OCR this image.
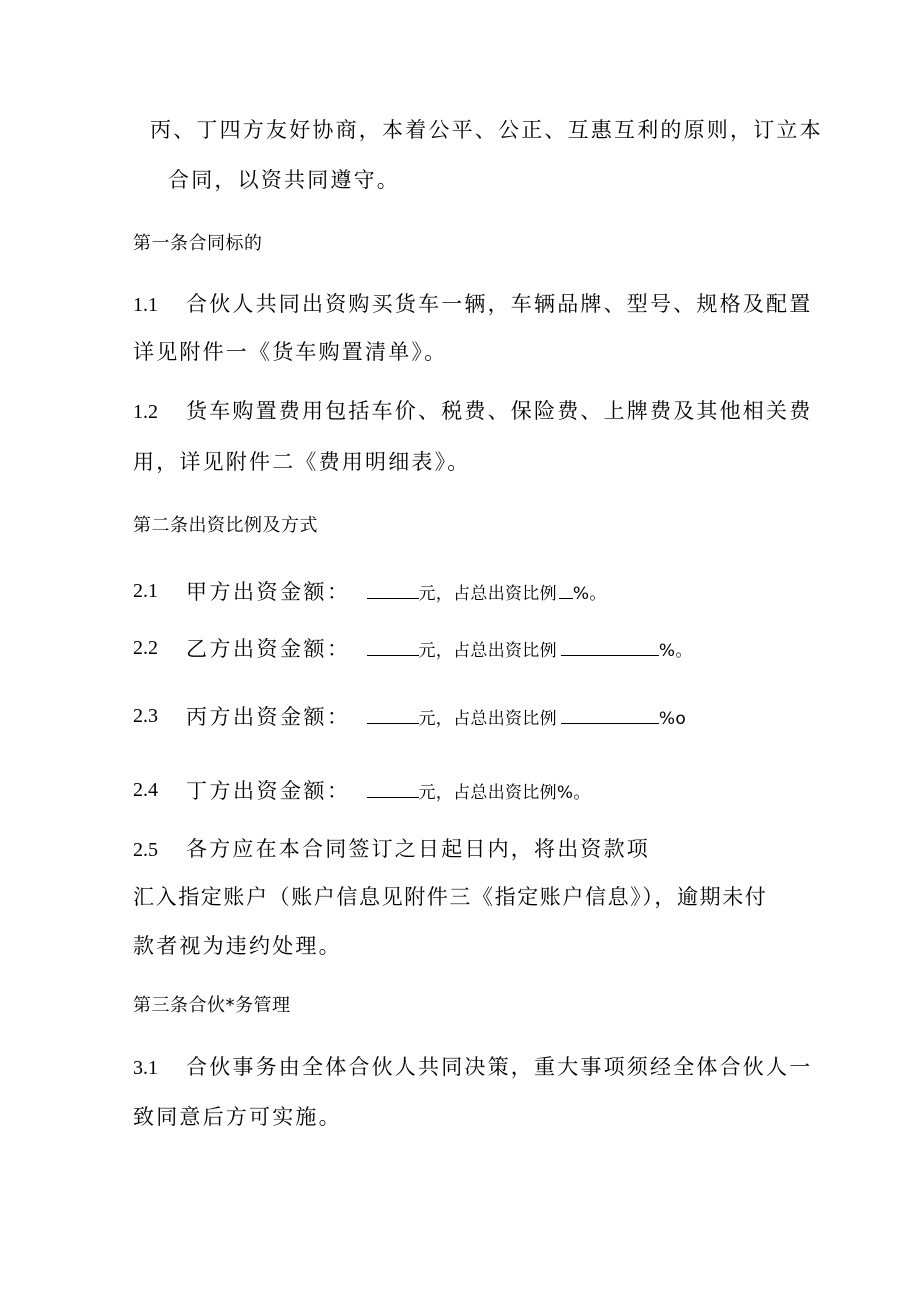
丙、丁四方友好协商，本着公平、公正、互惠互利的原则，订立本
合同，以资共同遵守。
第一条合同标的
1.1 合伙人共同出资购买货车一辆，车辆品牌、型号、规格及配置
详见附件一《货车购置清单》。
1.2 货车购置费用包括车价、税费、保险费、上牌费及其他相关费
用，详见附件二《费用明细表》。
第二条出资比例及方式
2.1 甲方出资金额：	元，占总出资比例 %。
2.2 乙方出资金额：	元，占总出资比例	%。
2.3 丙方出资金额：	元，占总出资比例	%o
2.4 丁方出资金额：	元，占总出资比例%。
2.5 各方应在本合同签订之日起日内，将出资款项
汇入指定账户（账户信息见附件三《指定账户信息》），逾期未付
款者视为违约处理。
第三条合伙*务管理
3.1 合伙事务由全体合伙人共同决策，重大事项须经全体合伙人一
致同意后方可实施。
